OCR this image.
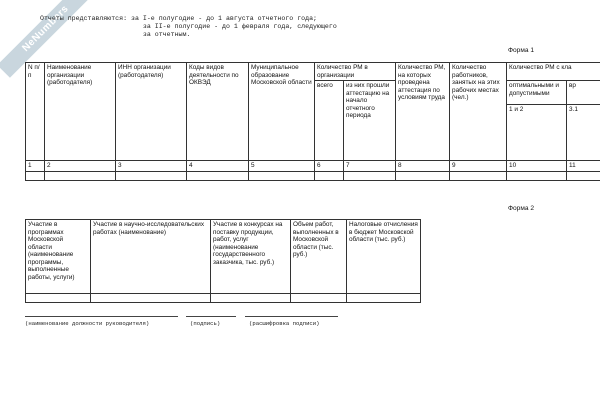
NeNumbers
Отчеты представляются: за I-е полугодие - до 1 августа отчетного года;
за II-е полугодие - до 1 февраля года, следующего
за отчетным.
Форма 1
N п/п	Наименование организации (работодателя)	ИНН организации (работодателя)	Коды видов деятельности по ОКВЭД	Муниципальное образование Московской области	Количество РМ в организации		Количество РМ, на которых проведена аттестация по условиям труда	Количество работников, занятых на этих рабочих местах (чел.)	Количество РМ с кла	
					всего	из них прошли аттестацию на начало отчетного периода			оптимальными и допустимыми	вр
									1 и 2	3.1
1	2	3	4	5	6	7	8	9	10	11

Форма 2
Участие в программах Московской области (наименование программы, выполненные работы, услуги)	Участие в научно-исследовательских работах (наименование)	Участие в конкурсах на поставку продукции, работ, услуг (наименование государственного заказчика, тыс. руб.)	Объем работ, выполненных в Московской области (тыс. руб.)	Налоговые отчисления в бюджет Московской области (тыс. руб.)

(наименование должности руководителя)	(подпись)	(расшифровка подписи)
